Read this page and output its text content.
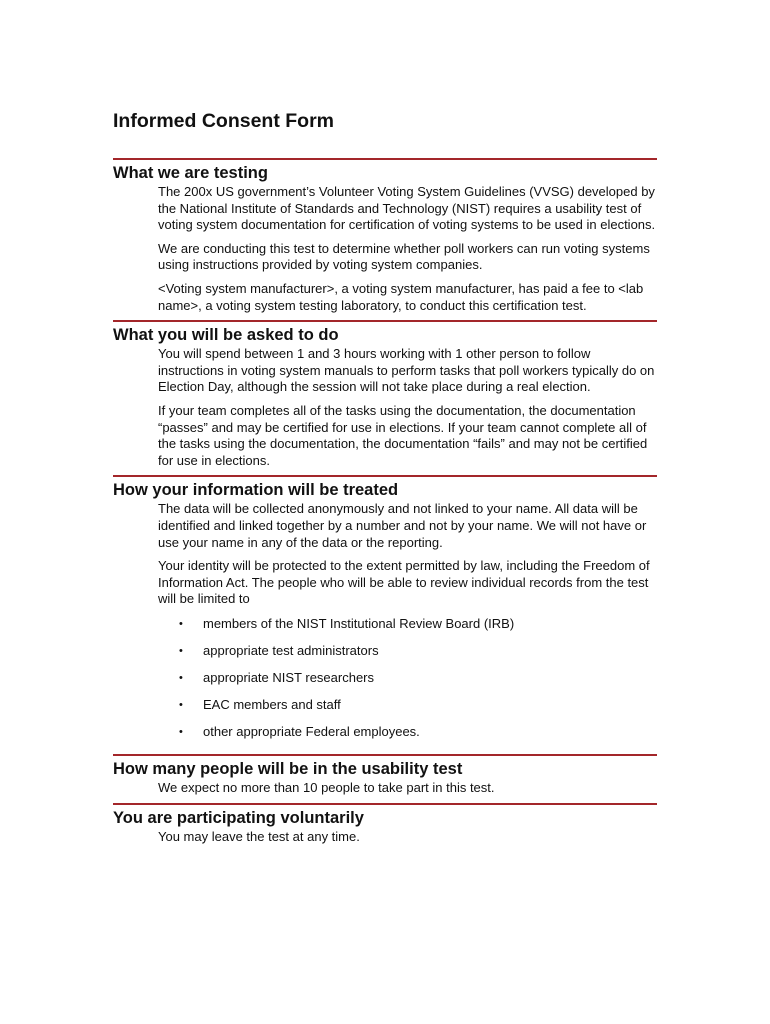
Informed Consent Form
What we are testing

The 200x US government’s Volunteer Voting System Guidelines (VVSG) developed by the National Institute of Standards and Technology (NIST) requires a usability test of voting system documentation for certification of voting systems to be used in elections.

We are conducting this test to determine whether poll workers can run voting systems using instructions provided by voting system companies.

<Voting system manufacturer>, a voting system manufacturer, has paid a fee to <lab name>, a voting system testing laboratory, to conduct this certification test.

What you will be asked to do

You will spend between 1 and 3 hours working with 1 other person to follow instructions in voting system manuals to perform tasks that poll workers typically do on Election Day, although the session will not take place during a real election.

If your team completes all of the tasks using the documentation, the documentation “passes” and may be certified for use in elections. If your team cannot complete all of the tasks using the documentation, the documentation “fails” and may not be certified for use in elections.

How your information will be treated

The data will be collected anonymously and not linked to your name. All data will be identified and linked together by a number and not by your name. We will not have or use your name in any of the data or the reporting.

Your identity will be protected to the extent permitted by law, including the Freedom of Information Act. The people who will be able to review individual records from the test will be limited to

• members of the NIST Institutional Review Board (IRB)
• appropriate test administrators
• appropriate NIST researchers
• EAC members and staff
• other appropriate Federal employees.
How many people will be in the usability test

We expect no more than 10 people to take part in this test.

You are participating voluntarily

You may leave the test at any time.
